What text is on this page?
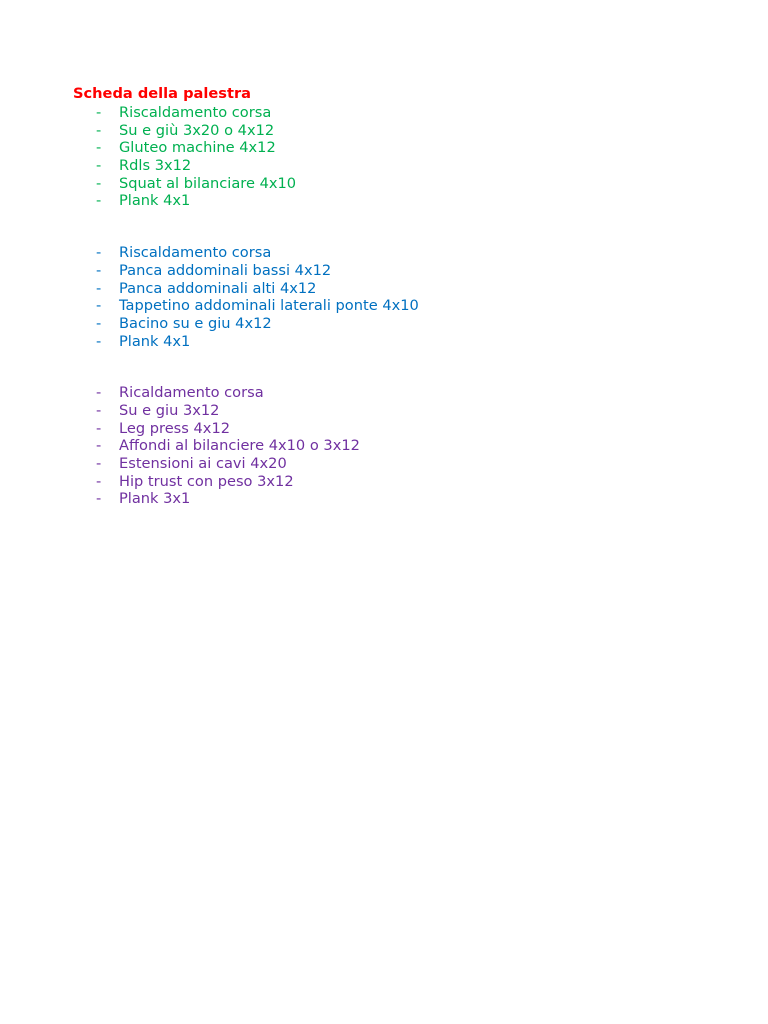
Scheda della palestra
- Riscaldamento corsa
- Su e giù 3x20 o 4x12
- Gluteo machine 4x12
- Rdls 3x12
- Squat al bilanciare 4x10
- Plank 4x1
- Riscaldamento corsa
- Panca addominali bassi 4x12
- Panca addominali alti 4x12
- Tappetino addominali laterali ponte 4x10
- Bacino su e giu 4x12
- Plank 4x1
- Ricaldamento corsa
- Su e giu 3x12
- Leg press 4x12
- Affondi al bilanciere 4x10 o 3x12
- Estensioni ai cavi 4x20
- Hip trust con peso 3x12
- Plank 3x1
